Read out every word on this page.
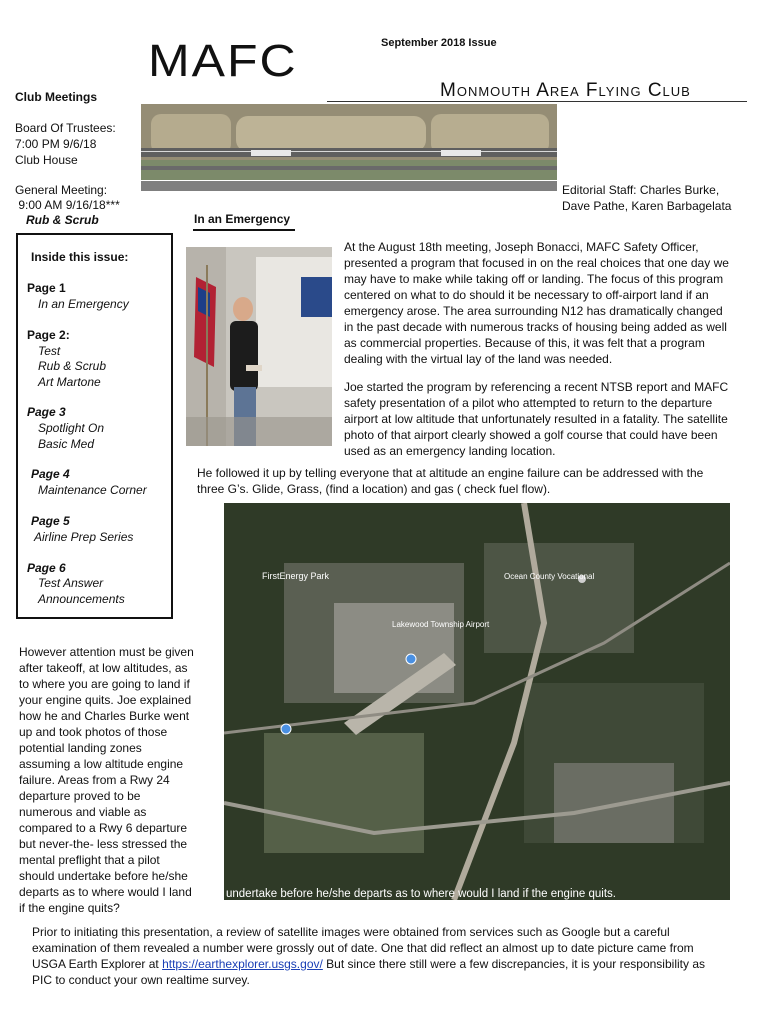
MAFC	September 2018 Issue
Monmouth Area Flying Club
Club Meetings
Board Of Trustees:
7:00 PM 9/6/18
Club House
General Meeting:
9:00 AM 9/16/18***
Rub & Scrub
Editorial Staff: Charles Burke,
Dave Pathe, Karen Barbagelata
In an Emergency
Inside this issue:
Page 1
In an Emergency
Page 2:
Test
Rub & Scrub
Art Martone
Page 3
Spotlight On
Basic Med
Page 4
Maintenance Corner
Page 5
Airline Prep Series
Page 6
Test Answer
Announcements
At the August 18th meeting, Joseph Bonacci, MAFC Safety Officer,
presented a program that focused in on the real choices that one day we
may have to make while taking off or landing. The focus of this program
centered on what to do should it be necessary to off-airport land if an
emergency arose. The area surrounding N12 has dramatically changed
in the past decade with numerous tracks of housing being added as well
as commercial properties. Because of this, it was felt that a program
dealing with the virtual lay of the land was needed.
Joe started the program by referencing a recent NTSB report and MAFC
safety presentation of a pilot who attempted to return to the departure
airport at low altitude that unfortunately resulted in a fatality. The satellite
photo of that airport clearly showed a golf course that could have been
used as an emergency landing location.
He followed it up by telling everyone that at altitude an engine failure can be addressed with the
three G’s. Glide, Grass, (find a location) and gas ( check fuel flow).
FirstEnergy Park
Lakewood Township Airport
Ocean County Vocational
undertake before he/she departs as to where would I land if the engine quits.
However attention must be given
after takeoff, at low altitudes, as
to where you are going to land if
your engine quits. Joe explained
how he and Charles Burke went
up and took photos of those
potential landing zones
assuming a low altitude engine
failure. Areas from a Rwy 24
departure proved to be
numerous and viable as
compared to a Rwy 6 departure
but never-the- less stressed the
mental preflight that a pilot
should undertake before he/she
departs as to where would I land
if the engine quits?
Prior to initiating this presentation, a review of satellite images were obtained from services such as Google but a careful
examination of them revealed a number were grossly out of date. One that did reflect an almost up to date picture came from
USGA Earth Explorer at https://earthexplorer.usgs.gov/ But since there still were a few discrepancies, it is your responsibility as
PIC to conduct your own realtime survey.
